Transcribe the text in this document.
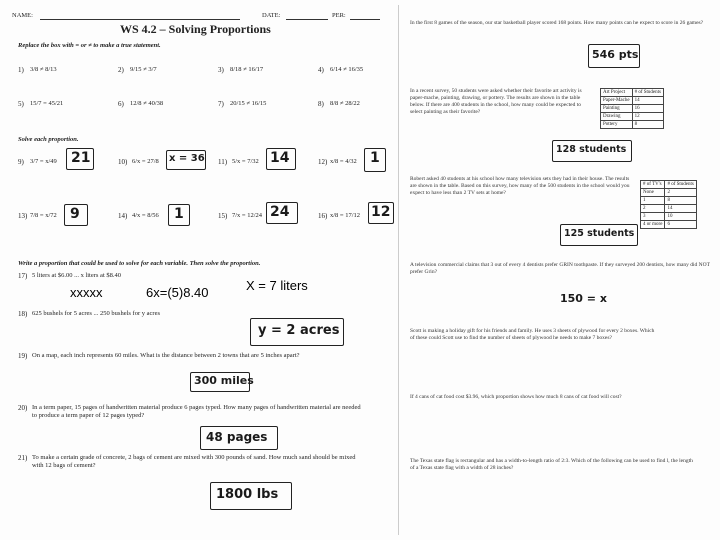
NAME:	DATE:	PER:
WS 4.2 – Solving Proportions
Replace the box with = or ≠ to make a true statement.
1) 3/8 ≠ 8/13	2) 9/15 ≠ 3/7	3) 8/18 ≠ 16/17	4) 6/14 ≠ 16/35
5) 15/7 = 45/21	6) 12/8 ≠ 40/38	7) 20/15 ≠ 16/15	8) 8/8 ≠ 28/22
Solve each proportion.
9) 3/7 = x/49 21	10) 6/x = 27/8 x = 36 11) 5/x = 7/32 14	12) x/8 = 4/32 1
13) 7/8 = x/72 9	14) 4/x = 8/56 1	15) 7/x = 12/24 24	16) x/8 = 17/12 12
Write a proportion that could be used to solve for each variable. Then solve the proportion.
17) 5 liters at $6.00 ... x liters at $8.40
18) 625 bushels for 5 acres ... 250 bushels for y acres
y = 2 acres
19) On a map, each inch represents 60 miles. What is the distance between 2 towns that are 5 inches apart?
300 miles
20) In a term paper, 15 pages of handwritten material produce 6 pages typed. How many pages of handwritten material are needed to produce a term paper of 12 pages typed?
48 pages
21) To make a certain grade of concrete, 2 bags of cement are mixed with 300 pounds of sand. How much sand should be mixed with 12 bags of cement?
1800 lbs
In the first 8 games of the season, our star basketball player scored 168 points. How many points can he expect to score in 26 games?
546 pts
In a recent survey, 50 students were asked whether their favorite art activity is paper-mache, painting, drawing, or pottery. The results are shown in the table below. If there are 400 students in the school, how many could be expected to select painting as their favorite?
Art Project	# of Students
Paper-Mache	14
Painting	16
Drawing	12
Pottery	8
128 students
Robert asked 40 students at his school how many television sets they had in their house. The results are shown in the table. Based on this survey, how many of the 500 students in the school would you expect to have less than 2 TV sets at home?
# of TV's	# of Students
None	2
1	8
2	14
3	10
4 or more	6
125 students
A television commercial claims that 3 out of every 4 dentists prefer GRIN toothpaste. If they surveyed 200 dentists, how many did NOT prefer Grin?
150 = x
Scott is making a holiday gift for his friends and family. He uses 3 sheets of plywood for every 2 boxes. Which of these could Scott use to find the number of sheets of plywood he needs to make 7 boxes?
If 4 cans of cat food cost $3.96, which proportion shows how much 8 cans of cat food will cost?
The Texas state flag is rectangular and has a width-to-length ratio of 2:3. Which of the following can be used to find l, the length of a Texas state flag with a width of 28 inches?
xxxxx	6x=(5)8.40	X = 7 liters
